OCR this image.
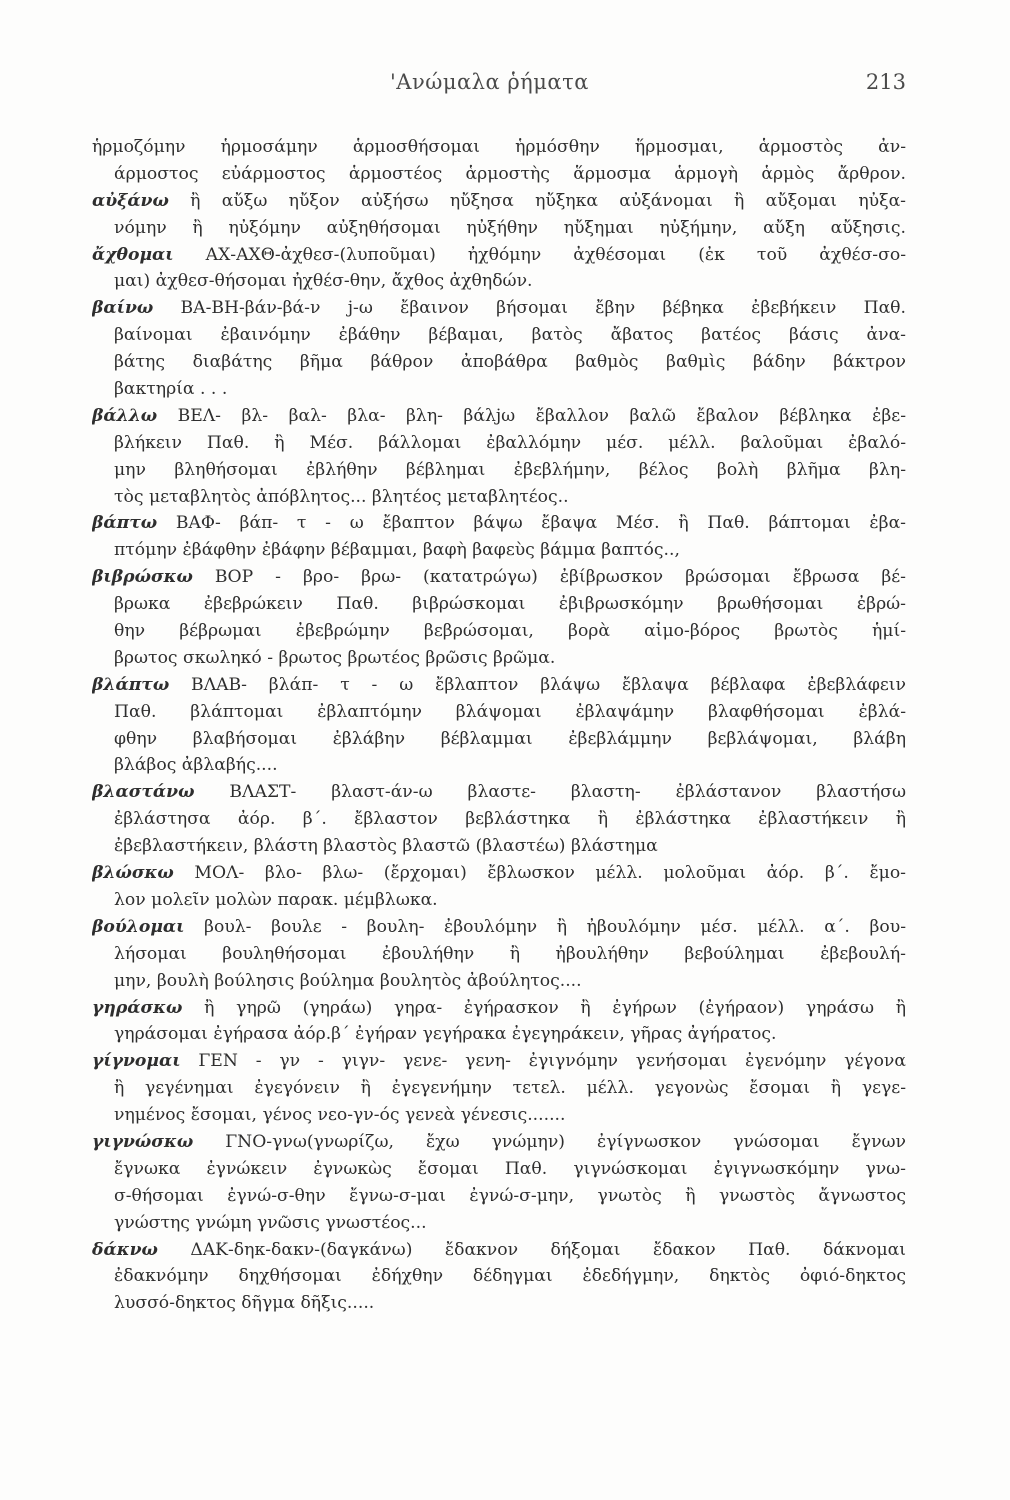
'Ανώμαλα ῥήματα	213
ἡρμοζόμην ἡρμοσάμην ἁρμοσθήσομαι ἡρμόσθην ἥρμοσμαι, ἁρμοστὸς ἀν-
άρμοστος εὐάρμοστος ἁρμοστέος ἁρμοστὴς ἅρμοσμα ἁρμογὴ ἁρμὸς ἄρθρον.
αὐξάνω ἢ αὔξω ηὔξον αὐξήσω ηὔξησα ηὔξηκα αὐξάνομαι ἢ αὔξομαι ηὐξα-
νόμην ἢ ηὐξόμην αὐξηθήσομαι ηὐξήθην ηὔξημαι ηὐξήμην, αὔξη αὔξησις.
ἄχθομαι ΑΧ-ΑΧΘ-ἀχθεσ-(λυποῦμαι) ἠχθόμην ἀχθέσομαι (ἐκ τοῦ ἀχθέσ-σο-
μαι) ἀχθεσ-θήσομαι ἠχθέσ-θην, ἄχθος ἀχθηδών.
βαίνω ΒΑ-ΒΗ-βάν-βά-ν j-ω ἔβαινον βήσομαι ἔβην βέβηκα ἐβεβήκειν Παθ.
βαίνομαι ἐβαινόμην ἐβάθην βέβαμαι, βατὸς ἄβατος βατέος βάσις ἀνα-
βάτης διαβάτης βῆμα βάθρον ἀποβάθρα βαθμὸς βαθμὶς βάδην βάκτρον
βακτηρία . . .
βάλλω ΒΕΛ- βλ- βαλ- βλα- βλη- βάλjω ἔβαλλον βαλῶ ἔβαλον βέβληκα ἐβε-
βλήκειν Παθ. ἢ Μέσ. βάλλομαι ἐβαλλόμην μέσ. μέλλ. βαλοῦμαι ἐβαλό-
μην βληθήσομαι ἐβλήθην βέβλημαι ἐβεβλήμην, βέλος βολὴ βλῆμα βλη-
τὸς μεταβλητὸς ἀπόβλητος... βλητέος μεταβλητέος..
βάπτω ΒΑΦ- βάπ- τ - ω ἔβαπτον βάψω ἔβαψα Μέσ. ἢ Παθ. βάπτομαι ἐβα-
πτόμην ἐβάφθην ἐβάφην βέβαμμαι, βαφὴ βαφεὺς βάμμα βαπτός..,
βιβρώσκω ΒΟΡ - βρο- βρω- (κατατρώγω) ἐβίβρωσκον βρώσομαι ἔβρωσα βέ-
βρωκα ἐβεβρώκειν Παθ. βιβρώσκομαι ἐβιβρωσκόμην βρωθήσομαι ἐβρώ-
θην βέβρωμαι ἐβεβρώμην βεβρώσομαι, βορὰ αἱμο-βόρος βρωτὸς ἡμί-
βρωτος σκωληκό - βρωτος βρωτέος βρῶσις βρῶμα.
βλάπτω ΒΛΑΒ- βλάπ- τ - ω ἔβλαπτον βλάψω ἔβλαψα βέβλαφα ἐβεβλάφειν
Παθ. βλάπτομαι ἐβλαπτόμην βλάψομαι ἐβλαψάμην βλαφθήσομαι ἐβλά-
φθην βλαβήσομαι ἐβλάβην βέβλαμμαι ἐβεβλάμμην βεβλάψομαι, βλάβη
βλάβος ἀβλαβής....
βλαστάνω ΒΛΑΣΤ- βλαστ-άν-ω βλαστε- βλαστη- ἐβλάστανον βλαστήσω
ἐβλάστησα ἀόρ. β΄. ἔβλαστον βεβλάστηκα ἢ ἐβλάστηκα ἐβλαστήκειν ἢ
ἐβεβλαστήκειν, βλάστη βλαστὸς βλαστῶ (βλαστέω) βλάστημα
βλώσκω ΜΟΛ- βλο- βλω- (ἔρχομαι) ἔβλωσκον μέλλ. μολοῦμαι ἀόρ. β΄. ἔμο-
λον μολεῖν μολὼν παρακ. μέμβλωκα.
βούλομαι βουλ- βουλε - βουλη- ἐβουλόμην ἢ ἠβουλόμην μέσ. μέλλ. α΄. βου-
λήσομαι βουληθήσομαι ἐβουλήθην ἢ ἠβουλήθην βεβούλημαι ἐβεβουλή-
μην, βουλὴ βούλησις βούλημα βουλητὸς ἀβούλητος....
γηράσκω ἢ γηρῶ (γηράω) γηρα- ἐγήρασκον ἢ ἐγήρων (ἐγήραον) γηράσω ἢ
γηράσομαι ἐγήρασα ἀόρ.β΄ ἐγήραν γεγήρακα ἐγεγηράκειν, γῆρας ἀγήρατος.
γίγνομαι ΓΕΝ - γν - γιγν- γενε- γενη- ἐγιγνόμην γενήσομαι ἐγενόμην γέγονα
ἢ γεγένημαι ἐγεγόνειν ἢ ἐγεγενήμην τετελ. μέλλ. γεγονὼς ἔσομαι ἢ γεγε-
νημένος ἔσομαι, γένος νεο-γν-ός γενεὰ γένεσις.......
γιγνώσκω ΓΝΟ-γνω(γνωρίζω, ἔχω γνώμην) ἐγίγνωσκον γνώσομαι ἔγνων
ἔγνωκα ἐγνώκειν ἐγνωκὼς ἔσομαι Παθ. γιγνώσκομαι ἐγιγνωσκόμην γνω-
σ-θήσομαι ἐγνώ-σ-θην ἔγνω-σ-μαι ἐγνώ-σ-μην, γνωτὸς ἢ γνωστὸς ἄγνωστος
γνώστης γνώμη γνῶσις γνωστέος...
δάκνω ΔΑΚ-δηκ-δακν-(δαγκάνω) ἔδακνον δήξομαι ἔδακον Παθ. δάκνομαι
ἐδακνόμην δηχθήσομαι ἐδήχθην δέδηγμαι ἐδεδήγμην, δηκτὸς ὀφιό-δηκτος
λυσσό-δηκτος δῆγμα δῆξις.....
